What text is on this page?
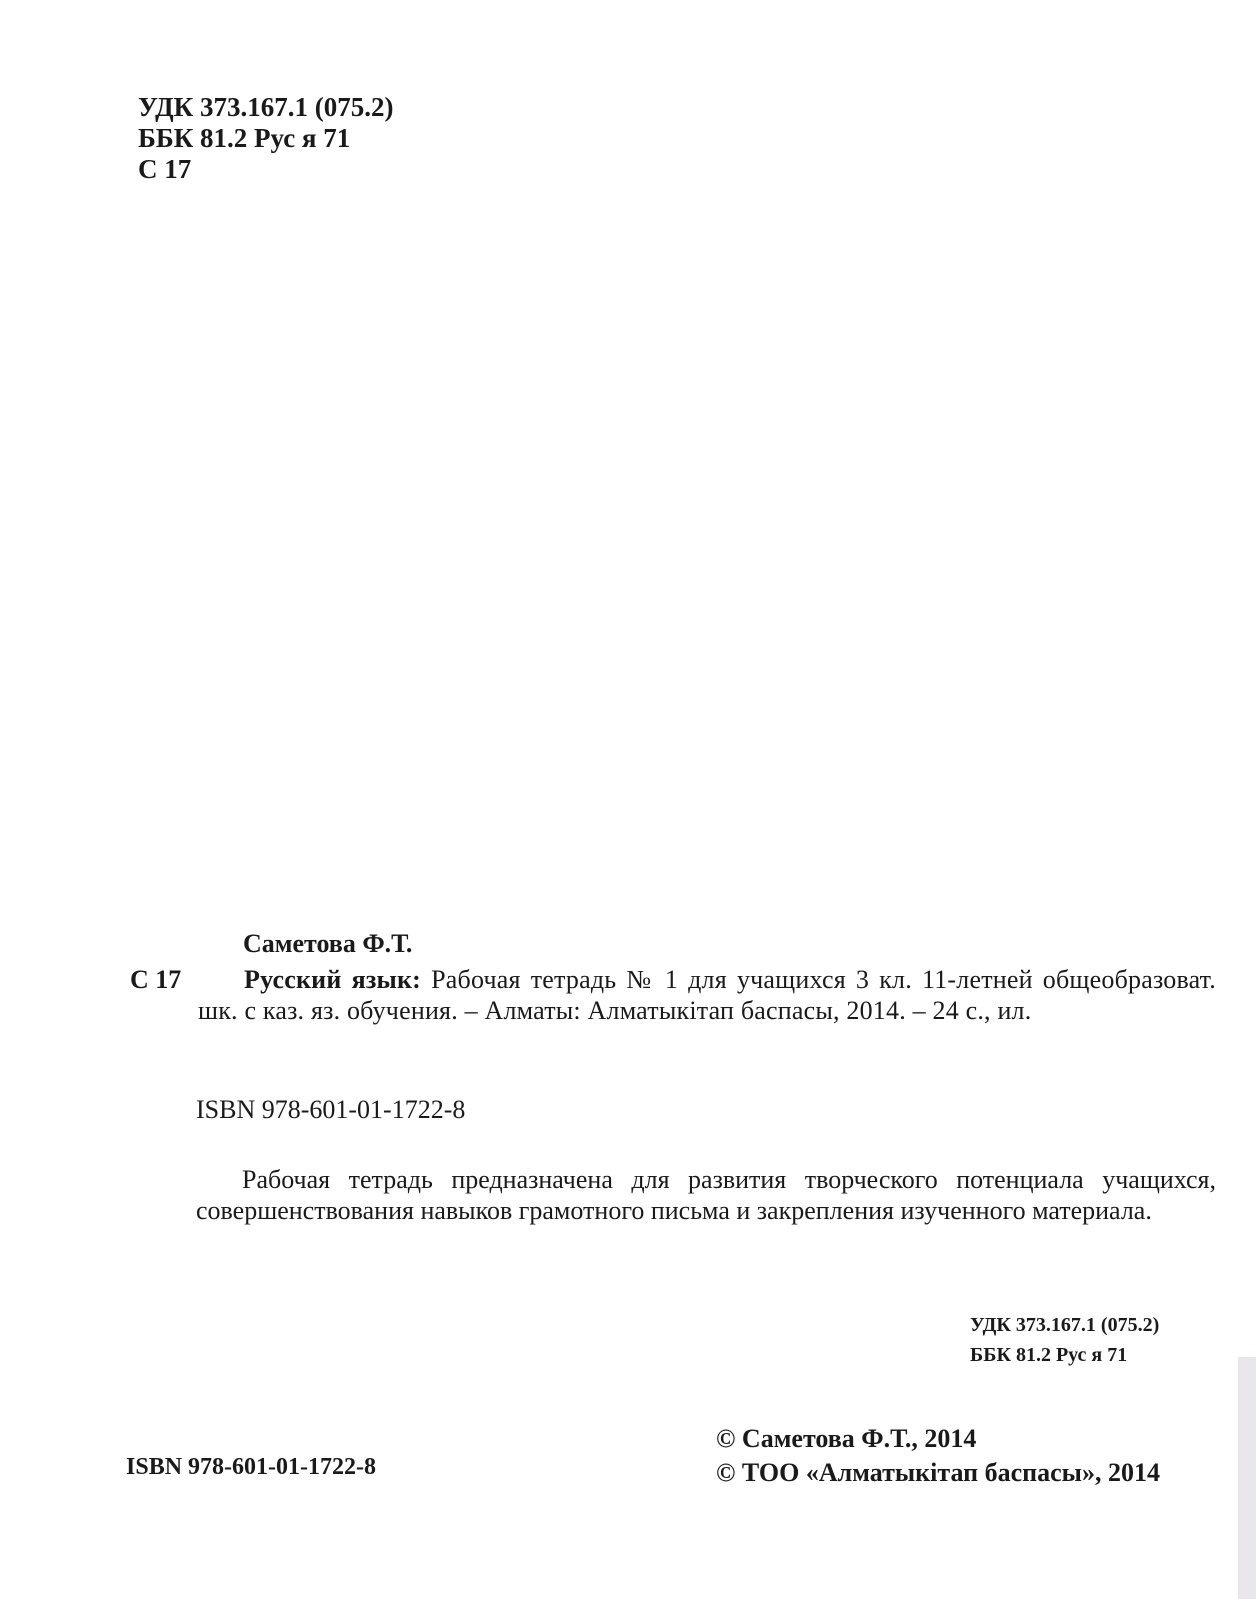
УДК 373.167.1 (075.2)
ББК 81.2 Рус я 71
С 17
Саметова Ф.Т.
С 17	Русский язык: Рабочая тетрадь № 1 для учащихся 3 кл. 11-летней общеобразоват. шк. с каз. яз. обучения. – Алматы: Алматыкітап баспасы, 2014. – 24 с., ил.
ISBN 978-601-01-1722-8
Рабочая тетрадь предназначена для развития творческого потенциала учащихся, совершенствования навыков грамотного письма и закрепления изученного материала.
УДК 373.167.1 (075.2)
ББК 81.2 Рус я 71
ISBN 978-601-01-1722-8
© Саметова Ф.Т., 2014
© ТОО «Алматыкітап баспасы», 2014
